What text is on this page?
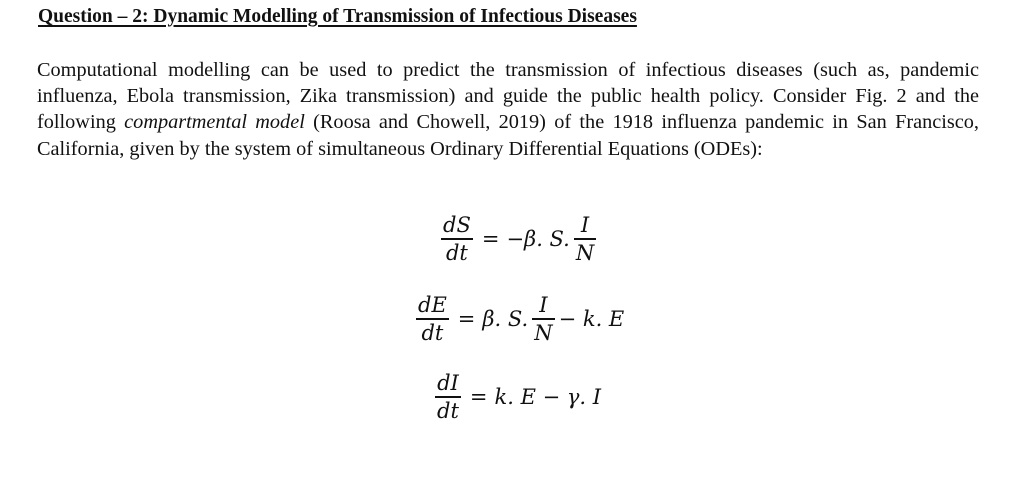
Question – 2: Dynamic Modelling of Transmission of Infectious Diseases
Computational modelling can be used to predict the transmission of infectious diseases (such as, pandemic influenza, Ebola transmission, Zika transmission) and guide the public health policy. Consider Fig. 2 and the following compartmental model (Roosa and Chowell, 2019) of the 1918 influenza pandemic in San Francisco, California, given by the system of simultaneous Ordinary Differential Equations (ODEs):
$\frac{dS}{dt} = -\beta$. S. $\frac{I}{N}$
$\frac{dE}{dt} = \beta$. S. $\frac{I}{N} - k$. E
$\frac{dI}{dt} = k$. E − γ. I
